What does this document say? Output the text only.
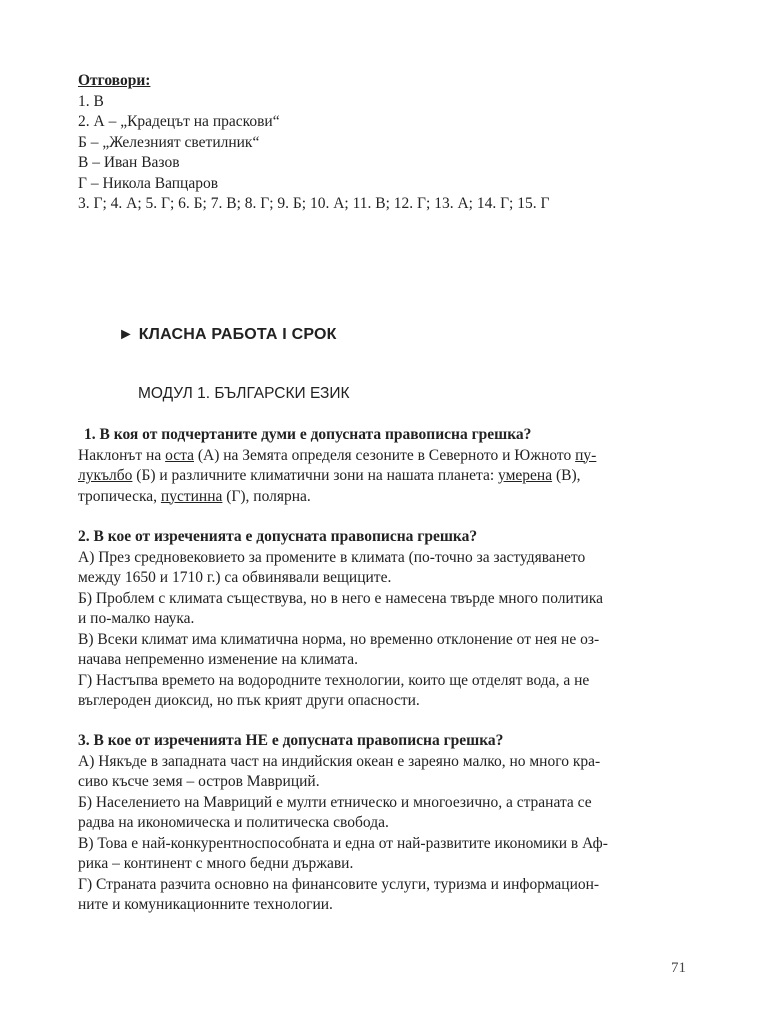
Отговори:
1. В
2. А – „Крадецът на праскови“
Б – „Железният светилник“
В – Иван Вазов
Г – Никола Вапцаров
3. Г; 4. А; 5. Г; 6. Б; 7. В; 8. Г; 9. Б; 10. А; 11. В; 12. Г; 13. А; 14. Г; 15. Г
► КЛАСНА РАБОТА I СРОК
МОДУЛ 1. БЪЛГАРСКИ ЕЗИК
1. В коя от подчертаните думи е допусната правописна грешка?
Наклонът на оста (А) на Земята определя сезоните в Северното и Южното пу-
лукълбо (Б) и различните климатични зони на нашата планета: умерена (В),
тропическа, пустинна (Г), полярна.
2. В кое от изреченията е допусната правописна грешка?
А) През средновековието за промените в климата (по-точно за застудяването
между 1650 и 1710 г.) са обвинявали вещиците.
Б) Проблем с климата съществува, но в него е намесена твърде много политика
и по-малко наука.
В) Всеки климат има климатична норма, но временно отклонение от нея не оз-
начава непременно изменение на климата.
Г) Настъпва времето на водородните технологии, които ще отделят вода, а не
въглероден диоксид, но пък крият други опасности.
3. В кое от изреченията НЕ е допусната правописна грешка?
А) Някъде в западната част на индийския океан е зареяно малко, но много кра-
сиво късче земя – остров Мавриций.
Б) Населението на Мавриций е мулти етническо и многоезично, а страната се
радва на икономическа и политическа свобода.
В) Това е най-конкурентноспособната и една от най-развитите икономики в Аф-
рика – континент с много бедни държави.
Г) Страната разчита основно на финансовите услуги, туризма и информацион-
ните и комуникационните технологии.
71
